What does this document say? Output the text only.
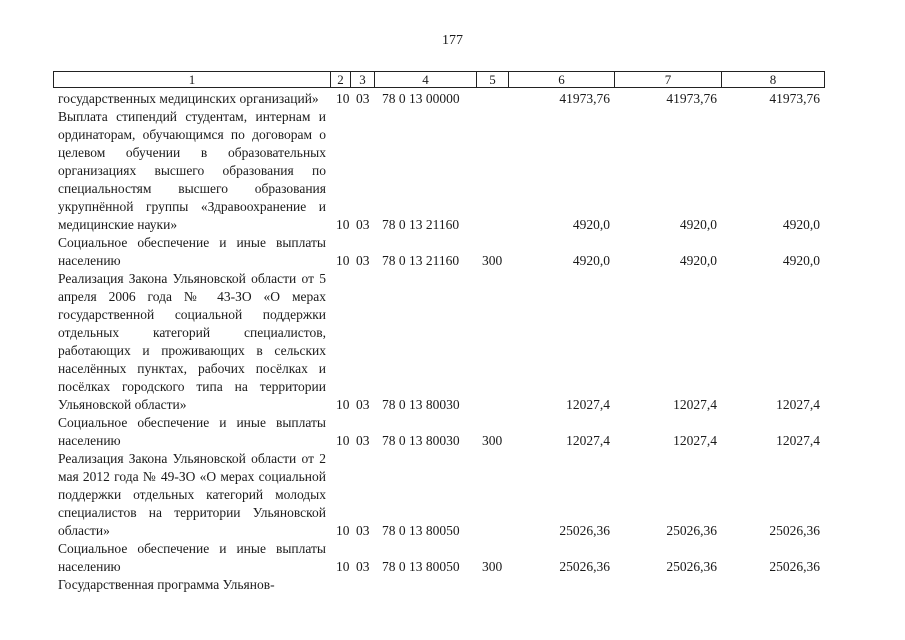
177
1	2	3	4	5	6	7	8
государственных медицинских организаций»	10	03	78 0 13 00000		41973,76	41973,76	41973,76
Выплата стипендий студентам, интернам и ординаторам, обучающимся по договорам о целевом обучении в образовательных организациях высшего образования по специальностям высшего образования укрупнённой группы «Здравоохранение и медицинские науки»	10	03	78 0 13 21160		4920,0	4920,0	4920,0
Социальное обеспечение и иные выплаты населению	10	03	78 0 13 21160	300	4920,0	4920,0	4920,0
Реализация Закона Ульяновской области от 5 апреля 2006 года № 43-ЗО «О мерах государственной социальной поддержки отдельных категорий специалистов, работающих и проживающих в сельских населённых пунктах, рабочих посёлках и посёлках городского типа на территории Ульяновской области»	10	03	78 0 13 80030		12027,4	12027,4	12027,4
Социальное обеспечение и иные выплаты населению	10	03	78 0 13 80030	300	12027,4	12027,4	12027,4
Реализация Закона Ульяновской области от 2 мая 2012 года № 49-ЗО «О мерах социальной поддержки отдельных категорий молодых специалистов на территории Ульяновской области»	10	03	78 0 13 80050		25026,36	25026,36	25026,36
Социальное обеспечение и иные выплаты населению	10	03	78 0 13 80050	300	25026,36	25026,36	25026,36
Государственная программа Ульянов-							
